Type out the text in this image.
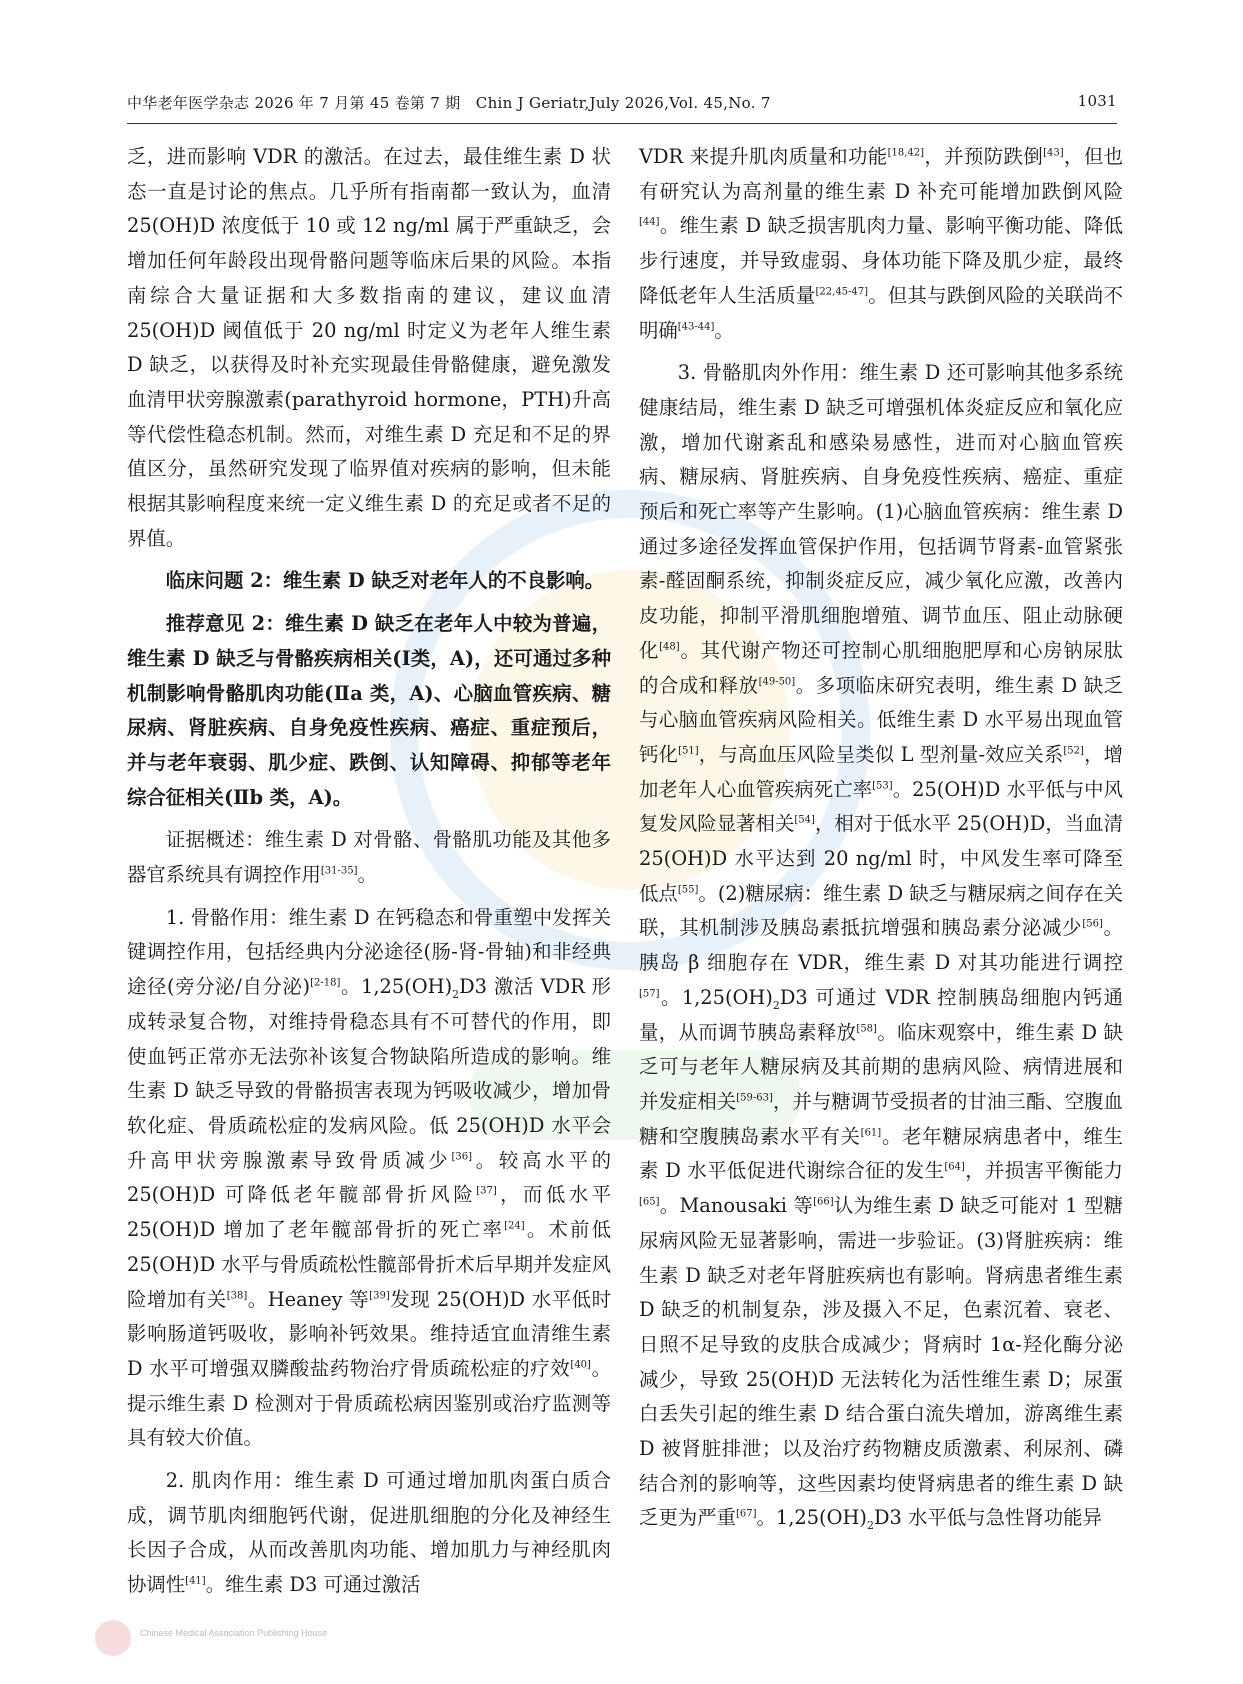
中华老年医学杂志 2026 年 7 月第 45 卷第 7 期　Chin J Geriatr,July 2026,Vol. 45,No. 7	1031

乏，进而影响 VDR 的激活。在过去，最佳维生素 D 状态一直是讨论的焦点。几乎所有指南都一致认为，血清 25(OH)D 浓度低于 10 或 12 ng/ml 属于严重缺乏，会增加任何年龄段出现骨骼问题等临床后果的风险。本指南综合大量证据和大多数指南的建议，建议血清 25(OH)D 阈值低于 20 ng/ml 时定义为老年人维生素 D 缺乏，以获得及时补充实现最佳骨骼健康，避免激发血清甲状旁腺激素(parathyroid hormone，PTH)升高等代偿性稳态机制。然而，对维生素 D 充足和不足的界值区分，虽然研究发现了临界值对疾病的影响，但未能根据其影响程度来统一定义维生素 D 的充足或者不足的界值。

临床问题 2：维生素 D 缺乏对老年人的不良影响。

推荐意见 2：维生素 D 缺乏在老年人中较为普遍，维生素 D 缺乏与骨骼疾病相关(Ⅰ类，A)，还可通过多种机制影响骨骼肌肉功能(Ⅱa 类，A)、心脑血管疾病、糖尿病、肾脏疾病、自身免疫性疾病、癌症、重症预后，并与老年衰弱、肌少症、跌倒、认知障碍、抑郁等老年综合征相关(Ⅱb 类，A)。

证据概述：维生素 D 对骨骼、骨骼肌功能及其他多器官系统具有调控作用[31-35]。

1. 骨骼作用：维生素 D 在钙稳态和骨重塑中发挥关键调控作用，包括经典内分泌途径(肠-肾-骨轴)和非经典途径(旁分泌/自分泌)[2-18]。$1,25(OH)_2D3$ 激活 VDR 形成转录复合物，对维持骨稳态具有不可替代的作用，即使血钙正常亦无法弥补该复合物缺陷所造成的影响。维生素 D 缺乏导致的骨骼损害表现为钙吸收减少，增加骨软化症、骨质疏松症的发病风险。低 25(OH)D 水平会升高甲状旁腺激素导致骨质减少[36]。较高水平的 25(OH)D 可降低老年髋部骨折风险[37]，而低水平 25(OH)D 增加了老年髋部骨折的死亡率[24]。术前低 25(OH)D 水平与骨质疏松性髋部骨折术后早期并发症风险增加有关[38]。Heaney 等[39]发现 25(OH)D 水平低时影响肠道钙吸收，影响补钙效果。维持适宜血清维生素 D 水平可增强双膦酸盐药物治疗骨质疏松症的疗效[40]。提示维生素 D 检测对于骨质疏松病因鉴别或治疗监测等具有较大价值。

2. 肌肉作用：维生素 D 可通过增加肌肉蛋白质合成，调节肌肉细胞钙代谢，促进肌细胞的分化及神经生长因子合成，从而改善肌肉功能、增加肌力与神经肌肉协调性[41]。维生素 D3 可通过激活

VDR 来提升肌肉质量和功能[18,42]，并预防跌倒[43]，但也有研究认为高剂量的维生素 D 补充可能增加跌倒风险[44]。维生素 D 缺乏损害肌肉力量、影响平衡功能、降低步行速度，并导致虚弱、身体功能下降及肌少症，最终降低老年人生活质量[22,45-47]。但其与跌倒风险的关联尚不明确[43-44]。

3. 骨骼肌肉外作用：维生素 D 还可影响其他多系统健康结局，维生素 D 缺乏可增强机体炎症反应和氧化应激，增加代谢紊乱和感染易感性，进而对心脑血管疾病、糖尿病、肾脏疾病、自身免疫性疾病、癌症、重症预后和死亡率等产生影响。(1)心脑血管疾病：维生素 D 通过多途径发挥血管保护作用，包括调节肾素-血管紧张素-醛固酮系统，抑制炎症反应，减少氧化应激，改善内皮功能，抑制平滑肌细胞增殖、调节血压、阻止动脉硬化[48]。其代谢产物还可控制心肌细胞肥厚和心房钠尿肽的合成和释放[49-50]。多项临床研究表明，维生素 D 缺乏与心脑血管疾病风险相关。低维生素 D 水平易出现血管钙化[51]，与高血压风险呈类似 L 型剂量-效应关系[52]，增加老年人心血管疾病死亡率[53]。25(OH)D 水平低与中风复发风险显著相关[54]，相对于低水平 25(OH)D，当血清 25(OH)D 水平达到 20 ng/ml 时，中风发生率可降至低点[55]。(2)糖尿病：维生素 D 缺乏与糖尿病之间存在关联，其机制涉及胰岛素抵抗增强和胰岛素分泌减少[56]。胰岛 β 细胞存在 VDR，维生素 D 对其功能进行调控[57]。$1,25(OH)_2D3$ 可通过 VDR 控制胰岛细胞内钙通量，从而调节胰岛素释放[58]。临床观察中，维生素 D 缺乏可与老年人糖尿病及其前期的患病风险、病情进展和并发症相关[59-63]，并与糖调节受损者的甘油三酯、空腹血糖和空腹胰岛素水平有关[61]。老年糖尿病患者中，维生素 D 水平低促进代谢综合征的发生[64]，并损害平衡能力[65]。Manousaki 等[66]认为维生素 D 缺乏可能对 1 型糖尿病风险无显著影响，需进一步验证。(3)肾脏疾病：维生素 D 缺乏对老年肾脏疾病也有影响。肾病患者维生素 D 缺乏的机制复杂，涉及摄入不足，色素沉着、衰老、日照不足导致的皮肤合成减少；肾病时 1α-羟化酶分泌减少，导致 25(OH)D 无法转化为活性维生素 D；尿蛋白丢失引起的维生素 D 结合蛋白流失增加，游离维生素 D 被肾脏排泄；以及治疗药物糖皮质激素、利尿剂、磷结合剂的影响等，这些因素均使肾病患者的维生素 D 缺乏更为严重[67]。$1,25(OH)_2D3$ 水平低与急性肾功能异

Chinese Medical Association Publishing House
